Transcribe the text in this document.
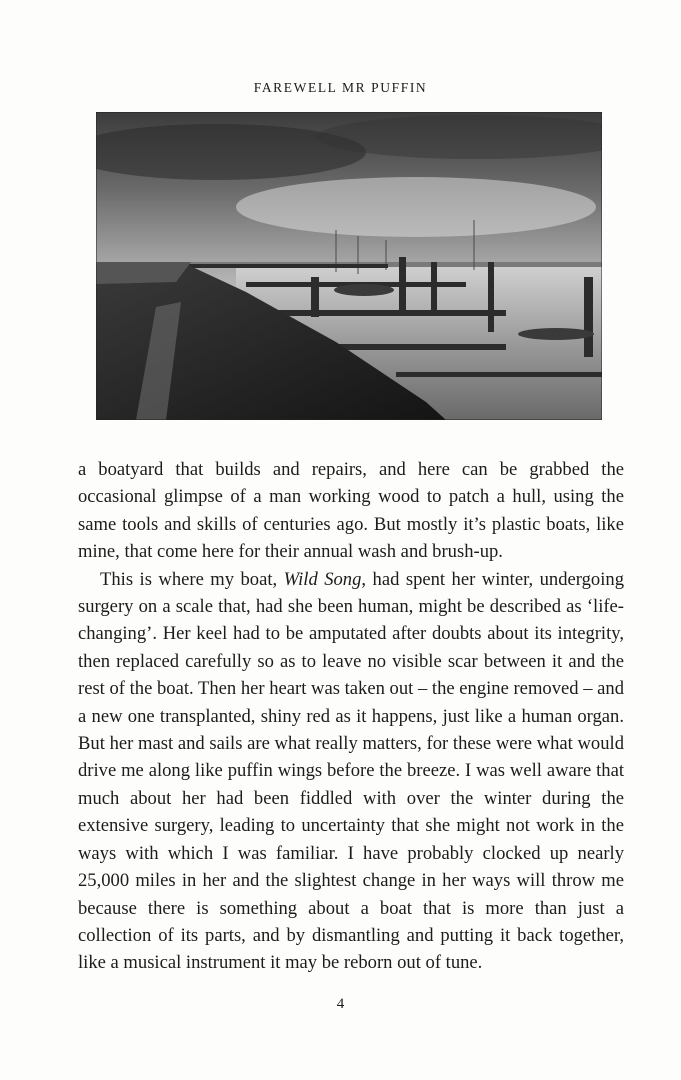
FAREWELL MR PUFFIN

a boatyard that builds and repairs, and here can be grabbed the occasional glimpse of a man working wood to patch a hull, using the same tools and skills of centuries ago. But mostly it’s plastic boats, like mine, that come here for their annual wash and brush-up.

This is where my boat, Wild Song, had spent her winter, undergoing surgery on a scale that, had she been human, might be described as ‘life-changing’. Her keel had to be amputated after doubts about its integrity, then replaced carefully so as to leave no visible scar between it and the rest of the boat. Then her heart was taken out – the engine removed – and a new one transplanted, shiny red as it happens, just like a human organ. But her mast and sails are what really matters, for these were what would drive me along like puffin wings before the breeze. I was well aware that much about her had been fiddled with over the winter during the extensive surgery, leading to uncertainty that she might not work in the ways with which I was familiar. I have probably clocked up nearly 25,000 miles in her and the slightest change in her ways will throw me because there is something about a boat that is more than just a collection of its parts, and by dismantling and putting it back together, like a musical instrument it may be reborn out of tune.

4
